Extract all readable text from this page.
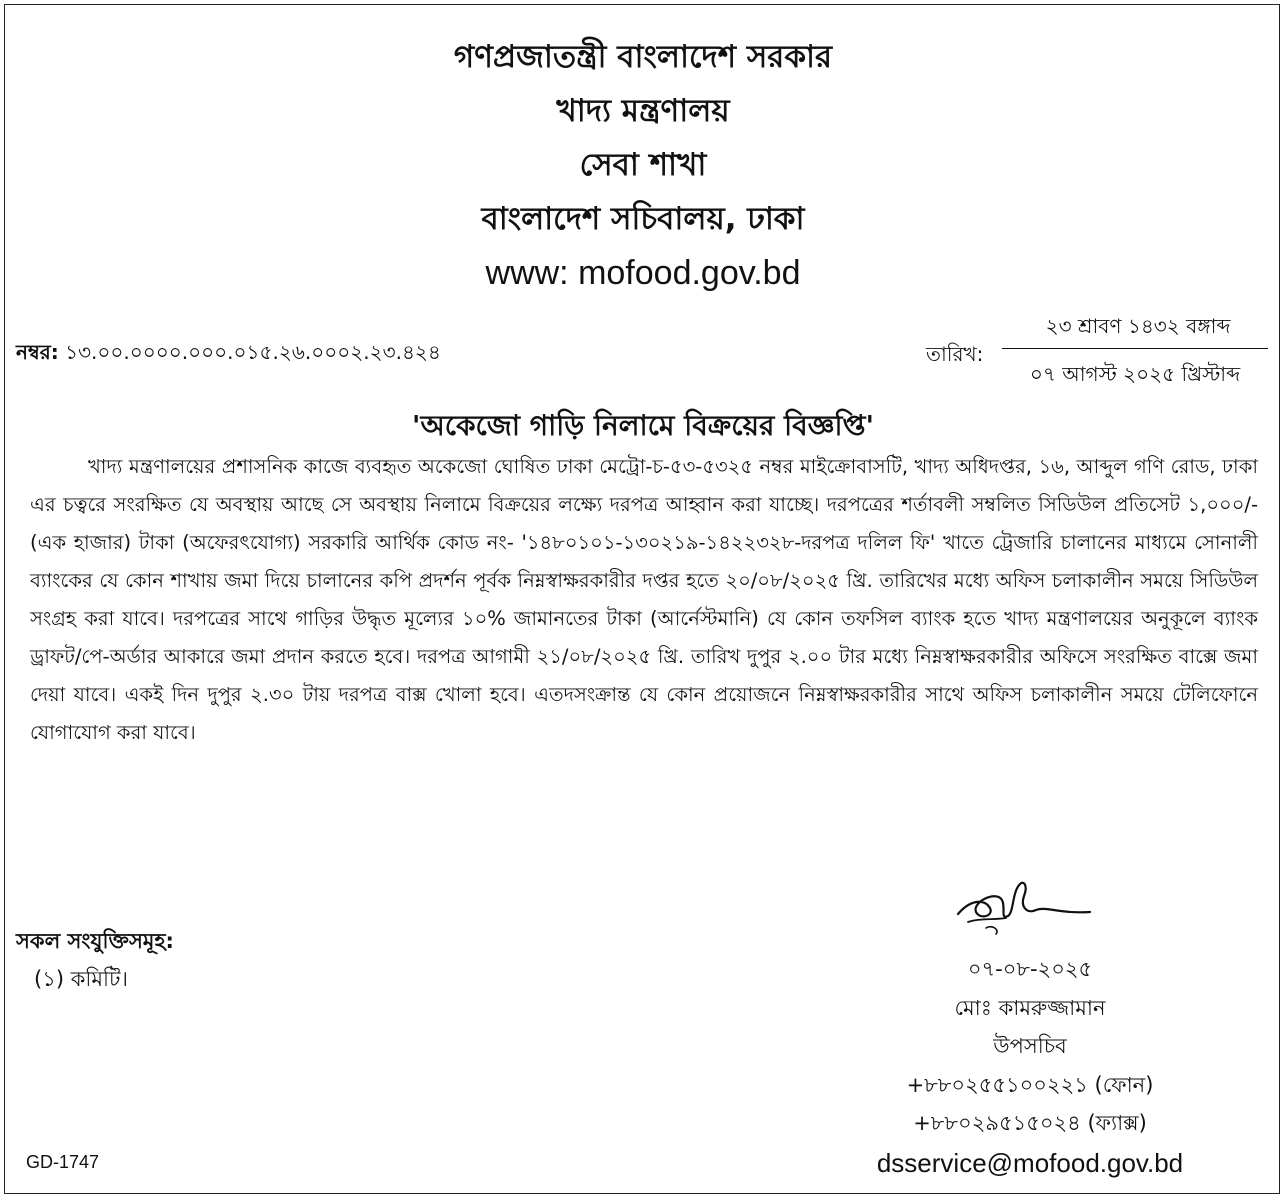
গণপ্রজাতন্ত্রী বাংলাদেশ সরকার
খাদ্য মন্ত্রণালয়
সেবা শাখা
বাংলাদেশ সচিবালয়, ঢাকা
www: mofood.gov.bd
নম্বর: ১৩.০০.০০০০.০০০.০১৫.২৬.০০০২.২৩.৪২৪	তারিখ:
২৩ শ্রাবণ ১৪৩২ বঙ্গাব্দ
০৭ আগস্ট ২০২৫ খ্রিস্টাব্দ
'অকেজো গাড়ি নিলামে বিক্রয়ের বিজ্ঞপ্তি'
খাদ্য মন্ত্রণালয়ের প্রশাসনিক কাজে ব্যবহৃত অকেজো ঘোষিত ঢাকা মেট্রো-চ-৫৩-৫৩২৫ নম্বর মাইক্রোবাসটি, খাদ্য অধিদপ্তর, ১৬, আব্দুল গণি রোড, ঢাকা এর চত্বরে সংরক্ষিত যে অবস্থায় আছে সে অবস্থায় নিলামে বিক্রয়ের লক্ষ্যে দরপত্র আহ্বান করা যাচ্ছে। দরপত্রের শর্তাবলী সম্বলিত সিডিউল প্রতিসেট ১,০০০/-(এক হাজার) টাকা (অফেরৎযোগ্য) সরকারি আর্থিক কোড নং- '১৪৮০১০১-১৩০২১৯-১৪২২৩২৮-দরপত্র দলিল ফি' খাতে ট্রেজারি চালানের মাধ্যমে সোনালী ব্যাংকের যে কোন শাখায় জমা দিয়ে চালানের কপি প্রদর্শন পূর্বক নিম্নস্বাক্ষরকারীর দপ্তর হতে ২০/০৮/২০২৫ খ্রি. তারিখের মধ্যে অফিস চলাকালীন সময়ে সিডিউল সংগ্রহ করা যাবে। দরপত্রের সাথে গাড়ির উদ্ধৃত মূল্যের ১০% জামানতের টাকা (আর্নেস্টমানি) যে কোন তফসিল ব্যাংক হতে খাদ্য মন্ত্রণালয়ের অনুকূলে ব্যাংক ড্রাফট/পে-অর্ডার আকারে জমা প্রদান করতে হবে। দরপত্র আগামী ২১/০৮/২০২৫ খ্রি. তারিখ দুপুর ২.০০ টার মধ্যে নিম্নস্বাক্ষরকারীর অফিসে সংরক্ষিত বাক্সে জমা দেয়া যাবে। একই দিন দুপুর ২.৩০ টায় দরপত্র বাক্স খোলা হবে। এতদসংক্রান্ত যে কোন প্রয়োজনে নিম্নস্বাক্ষরকারীর সাথে অফিস চলাকালীন সময়ে টেলিফোনে যোগাযোগ করা যাবে।
সকল সংযুক্তিসমূহ:
(১) কমিটি।	০৭-০৮-২০২৫
মোঃ কামরুজ্জামান
উপসচিব
+৮৮০২৫৫১০০২২১ (ফোন)
+৮৮০২৯৫১৫০২৪ (ফ্যাক্স)
dsservice@mofood.gov.bd
GD-1747
